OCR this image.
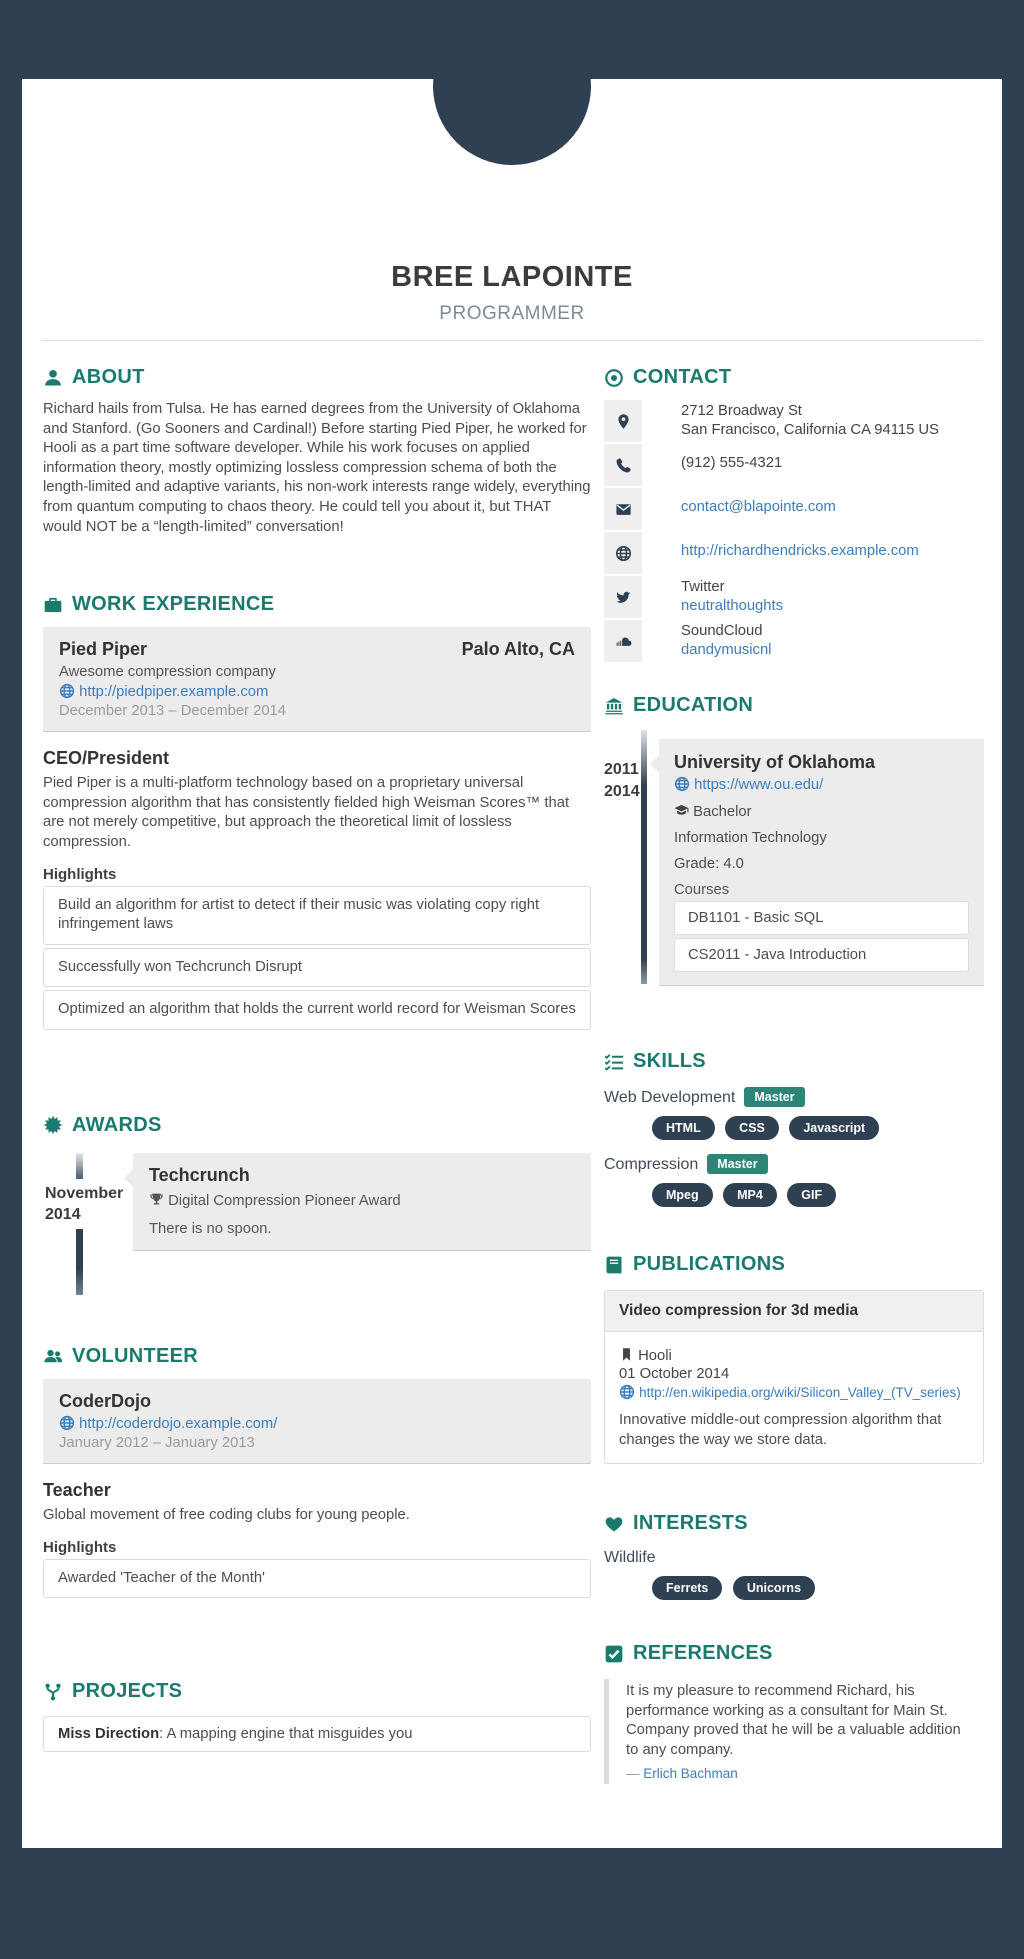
BREE LAPOINTE
PROGRAMMER
ABOUT

Richard hails from Tulsa. He has earned degrees from the University of Oklahoma and Stanford. (Go Sooners and Cardinal!) Before starting Pied Piper, he worked for Hooli as a part time software developer. While his work focuses on applied information theory, mostly optimizing lossless compression schema of both the length-limited and adaptive variants, his non-work interests range widely, everything from quantum computing to chaos theory. He could tell you about it, but THAT would NOT be a “length-limited” conversation!

WORK EXPERIENCE
Pied Piper	Palo Alto, CA
Awesome compression company
http://piedpiper.example.com
December 2013 – December 2014
CEO/President

Pied Piper is a multi-platform technology based on a proprietary universal compression algorithm that has consistently fielded high Weisman Scores™ that are not merely competitive, but approach the theoretical limit of lossless compression.

Highlights
Build an algorithm for artist to detect if their music was violating copy right infringement laws
Successfully won Techcrunch Disrupt
Optimized an algorithm that holds the current world record for Weisman Scores
AWARDS
November
2014
Techcrunch
Digital Compression Pioneer Award
There is no spoon.
VOLUNTEER
CoderDojo
http://coderdojo.example.com/
January 2012 – January 2013
Teacher

Global movement of free coding clubs for young people.

Highlights
Awarded 'Teacher of the Month'
PROJECTS
Miss Direction: A mapping engine that misguides you
CONTACT
2712 Broadway St
San Francisco, California CA 94115 US
(912) 555-4321
contact@blapointe.com
http://richardhendricks.example.com
Twitter
neutralthoughts
SoundCloud
dandymusicnl
EDUCATION
2011
2014
University of Oklahoma
https://www.ou.edu/
Bachelor
Information Technology
Grade: 4.0
Courses
DB1101 - Basic SQL
CS2011 - Java Introduction
SKILLS
Web Development Master
HTML	CSS	Javascript
Compression Master
Mpeg	MP4	GIF
PUBLICATIONS
Video compression for 3d media
Hooli
01 October 2014
http://en.wikipedia.org/wiki/Silicon_Valley_(TV_series)

Innovative middle-out compression algorithm that changes the way we store data.

INTERESTS
Wildlife
Ferrets	Unicorns
REFERENCES

It is my pleasure to recommend Richard, his performance working as a consultant for Main St. Company proved that he will be a valuable addition to any company.

— Erlich Bachman
